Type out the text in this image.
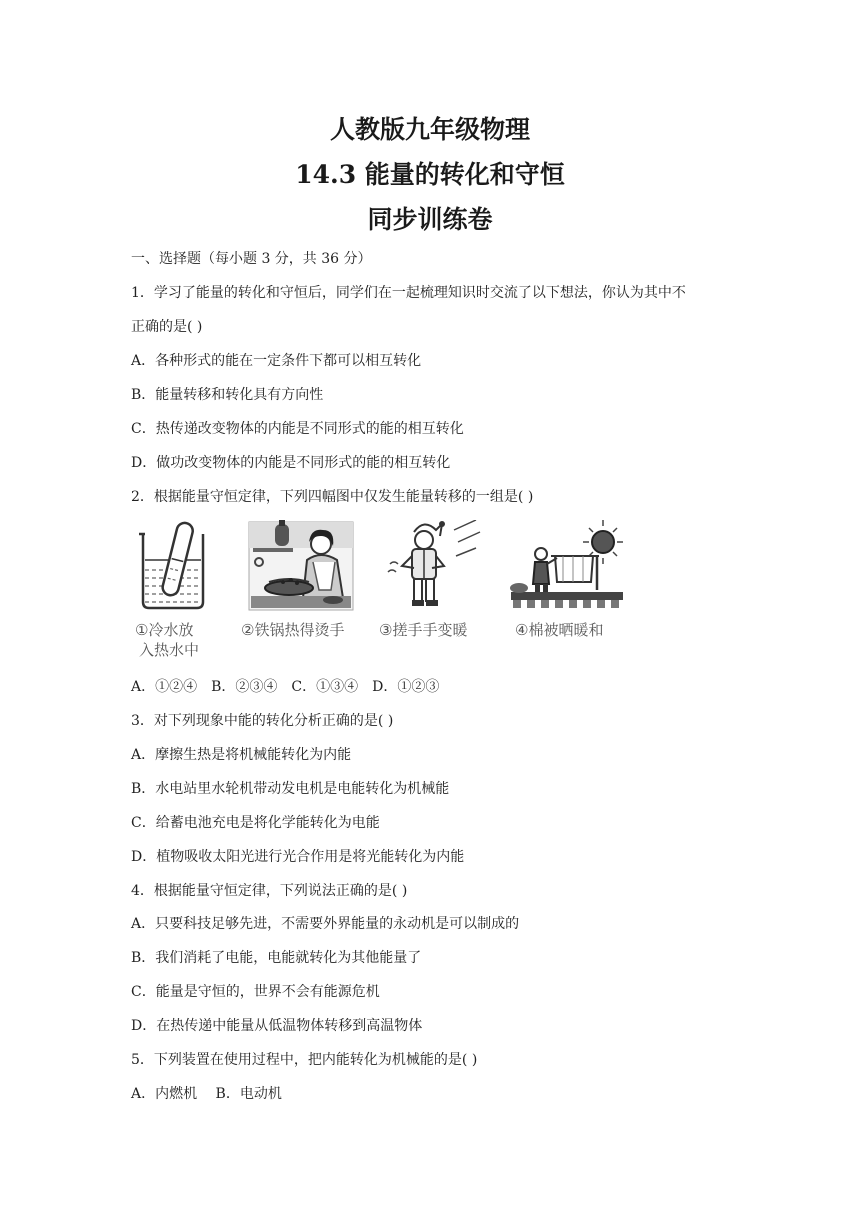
人教版九年级物理
14.3 能量的转化和守恒
同步训练卷
一、选择题（每小题 3 分，共 36 分）
1．学习了能量的转化和守恒后，同学们在一起梳理知识时交流了以下想法，你认为其中不
正确的是( )
A．各种形式的能在一定条件下都可以相互转化
B．能量转移和转化具有方向性
C．热传递改变物体的内能是不同形式的能的相互转化
D．做功改变物体的内能是不同形式的能的相互转化
2．根据能量守恒定律，下列四幅图中仅发生能量转移的一组是( )
①冷水放
入热水中
②铁锅热得烫手 ③搓手手变暖	④棉被晒暖和
A．①②④　B．②③④　C．①③④　D．①②③
3．对下列现象中能的转化分析正确的是( )
A．摩擦生热是将机械能转化为内能
B．水电站里水轮机带动发电机是电能转化为机械能
C．给蓄电池充电是将化学能转化为电能
D．植物吸收太阳光进行光合作用是将光能转化为内能
4．根据能量守恒定律，下列说法正确的是( )
A．只要科技足够先进，不需要外界能量的永动机是可以制成的
B．我们消耗了电能，电能就转化为其他能量了
C．能量是守恒的，世界不会有能源危机
D．在热传递中能量从低温物体转移到高温物体
5．下列装置在使用过程中，把内能转化为机械能的是( )
A．内燃机　 B．电动机
